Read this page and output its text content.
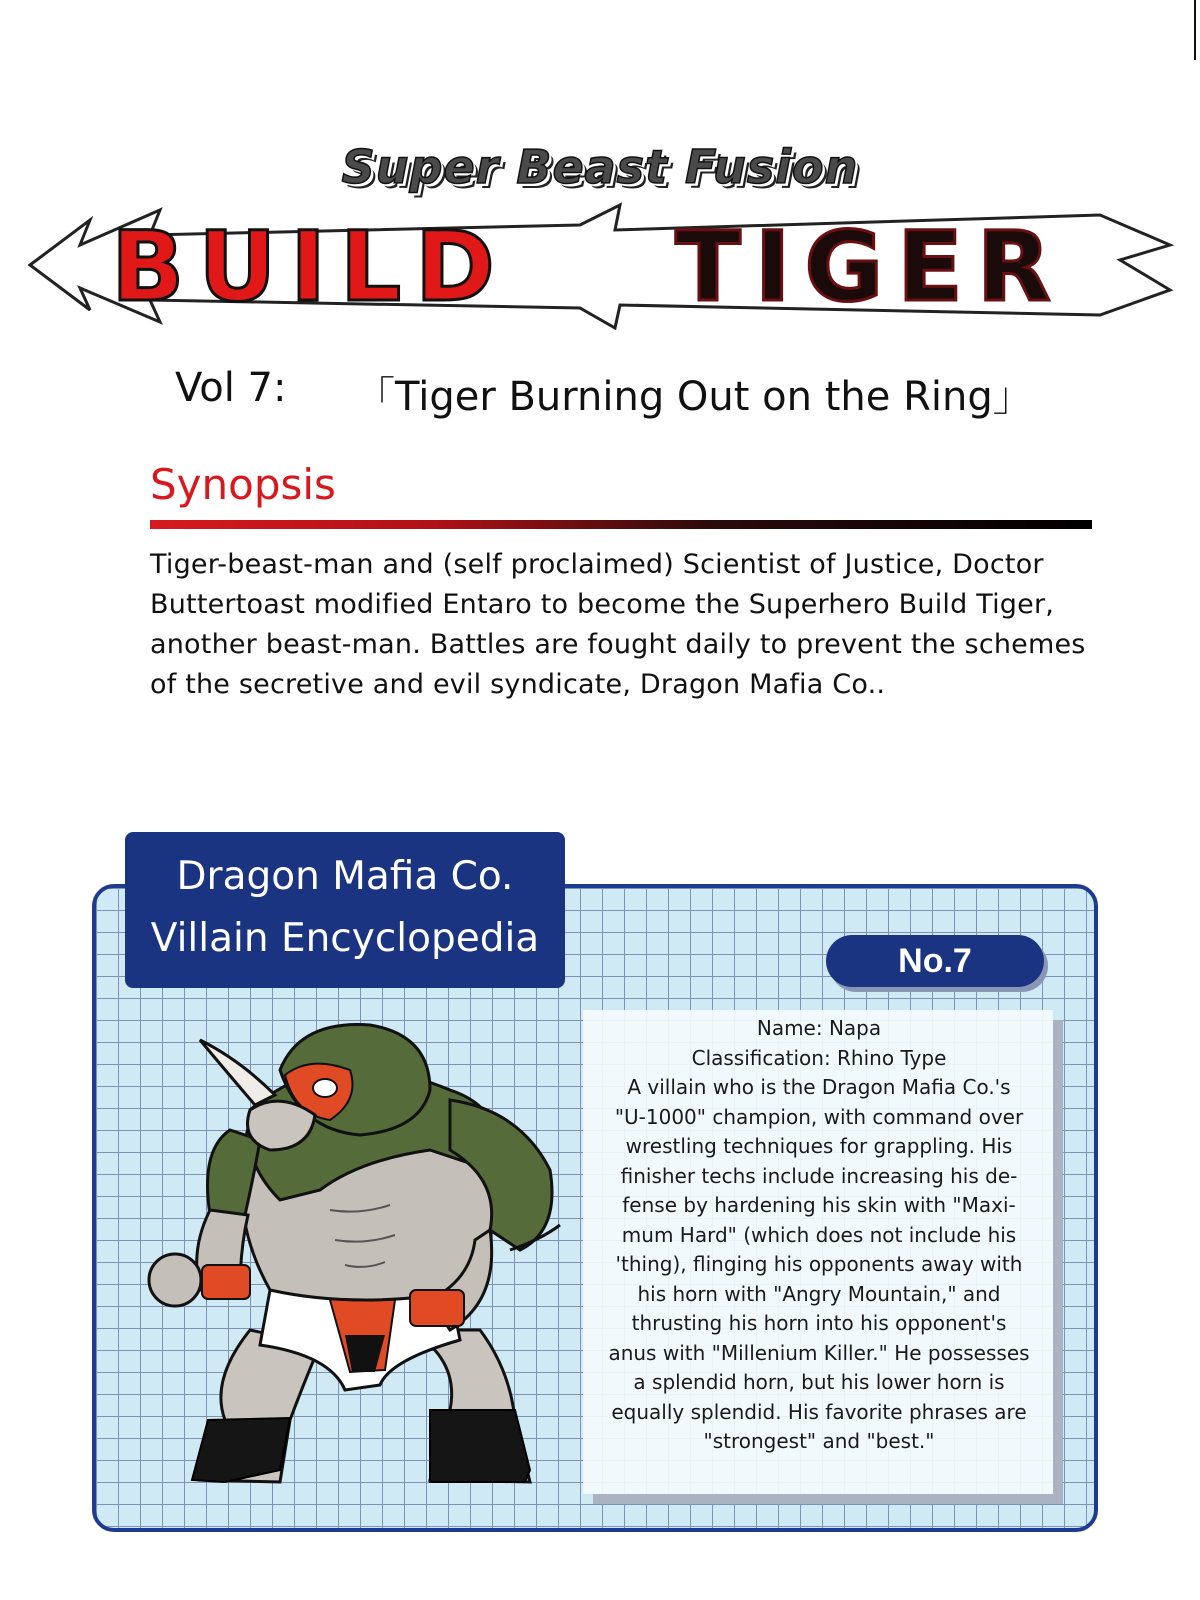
Super Beast Fusion
BUILD TIGER
Vol 7: 「Tiger Burning Out on the Ring」
Synopsis
Tiger-beast-man and (self proclaimed) Scientist of Justice, Doctor
Buttertoast modified Entaro to become the Superhero Build Tiger,
another beast-man. Battles are fought daily to prevent the schemes
of the secretive and evil syndicate, Dragon Mafia Co..
Dragon Mafia Co.
Villain Encyclopedia	No.7
Name: Napa
Classification: Rhino Type
A villain who is the Dragon Mafia Co.'s
"U-1000" champion, with command over
wrestling techniques for grappling. His
finisher techs include increasing his de-
fense by hardening his skin with "Maxi-
mum Hard" (which does not include his
'thing), flinging his opponents away with
his horn with "Angry Mountain," and
thrusting his horn into his opponent's
anus with "Millenium Killer." He possesses
a splendid horn, but his lower horn is
equally splendid. His favorite phrases are
"strongest" and "best."
